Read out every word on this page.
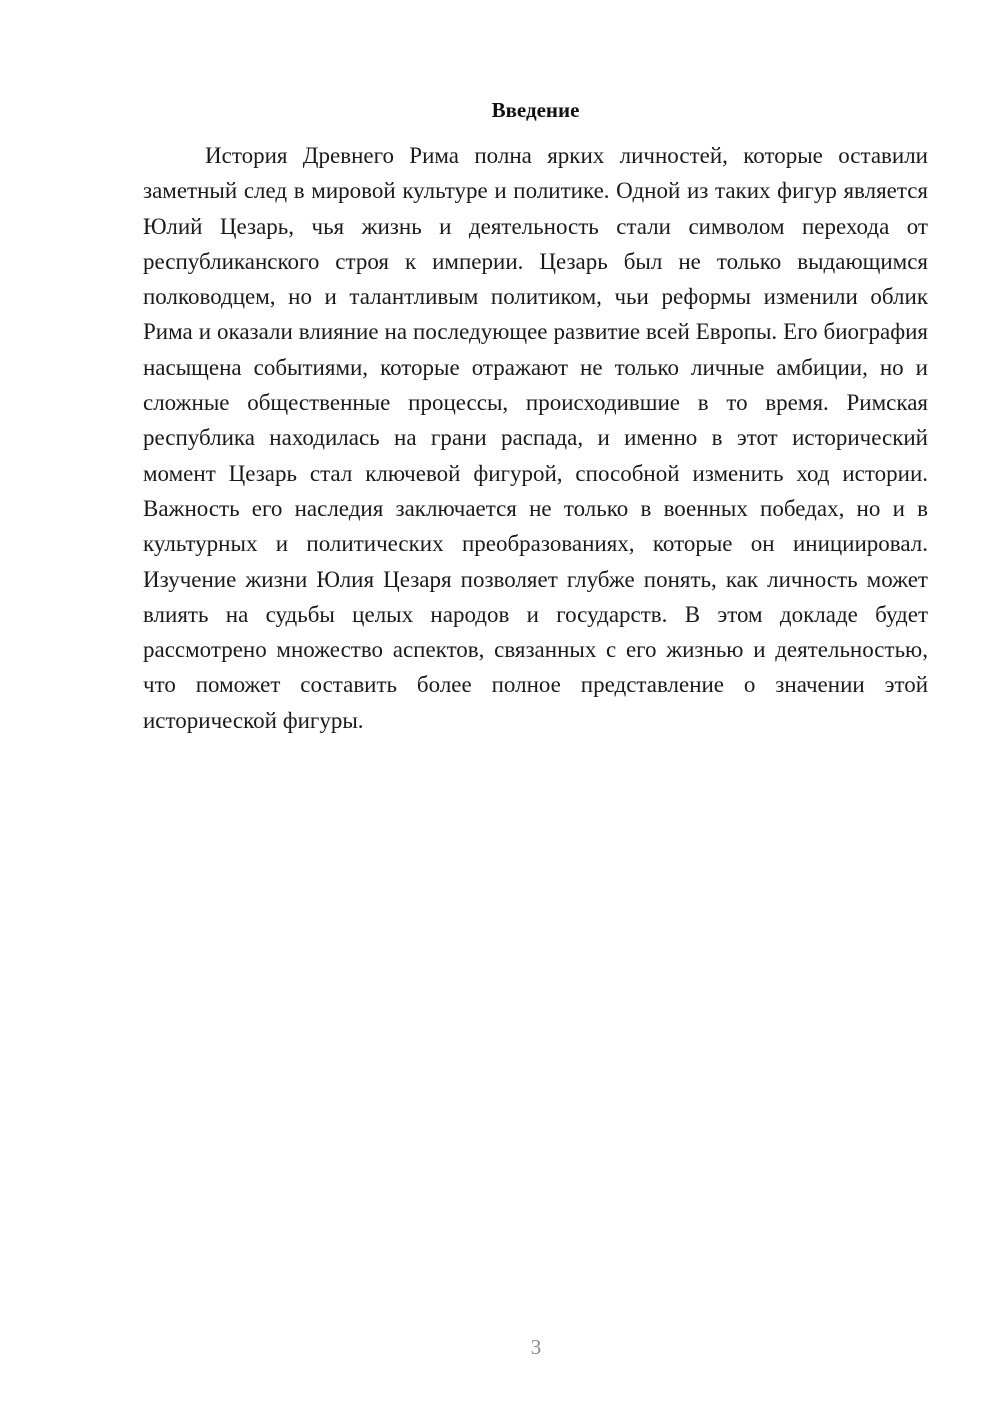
Введение

История Древнего Рима полна ярких личностей, которые оставили заметный след в мировой культуре и политике. Одной из таких фигур является Юлий Цезарь, чья жизнь и деятельность стали символом перехода от республиканского строя к империи. Цезарь был не только выдающимся полководцем, но и талантливым политиком, чьи реформы изменили облик Рима и оказали влияние на последующее развитие всей Европы. Его биография насыщена событиями, которые отражают не только личные амбиции, но и сложные общественные процессы, происходившие в то время. Римская республика находилась на грани распада, и именно в этот исторический момент Цезарь стал ключевой фигурой, способной изменить ход истории. Важность его наследия заключается не только в военных победах, но и в культурных и политических преобразованиях, которые он инициировал. Изучение жизни Юлия Цезаря позволяет глубже понять, как личность может влиять на судьбы целых народов и государств. В этом докладе будет рассмотрено множество аспектов, связанных с его жизнью и деятельностью, что поможет составить более полное представление о значении этой исторической фигуры.

3
